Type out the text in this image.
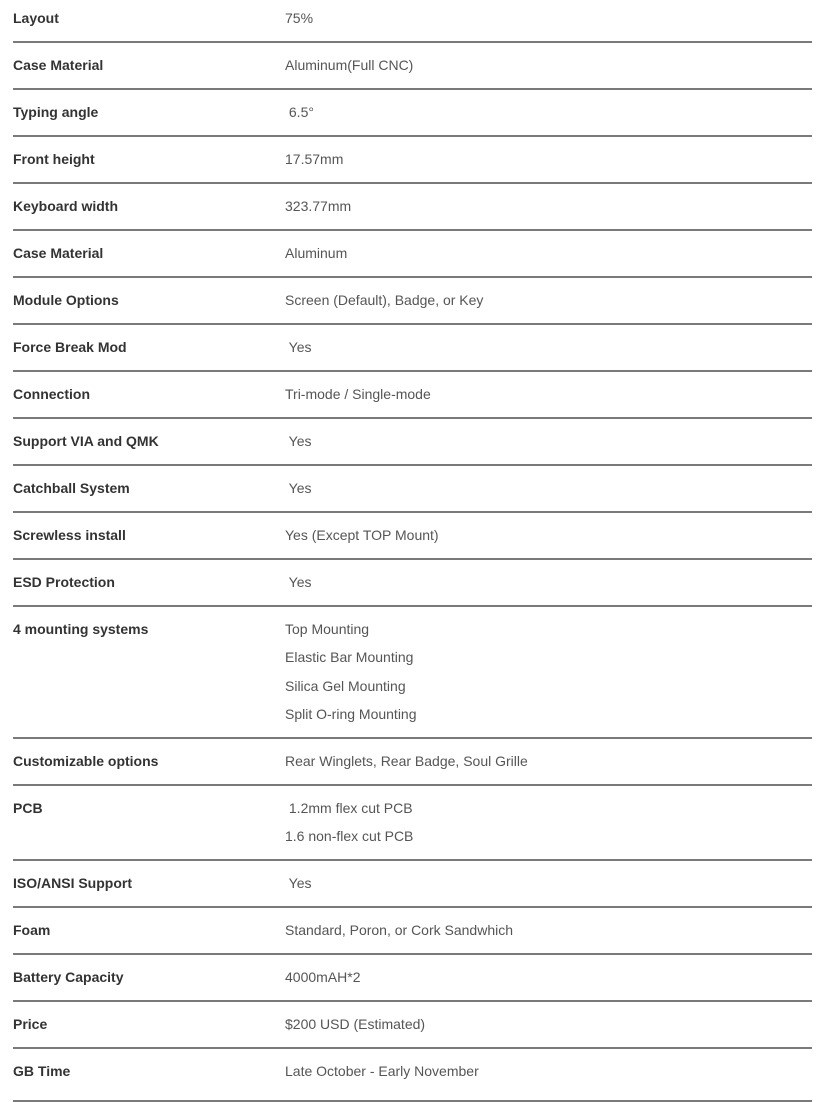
Layout	75%
Case Material	Aluminum(Full CNC)
Typing angle	6.5°
Front height	17.57mm
Keyboard width	323.77mm
Case Material	Aluminum
Module Options	Screen (Default), Badge, or Key
Force Break Mod	Yes
Connection	Tri-mode / Single-mode
Support VIA and QMK	Yes
Catchball System	Yes
Screwless install	Yes (Except TOP Mount)
ESD Protection	Yes
4 mounting systems	Top Mounting
Elastic Bar Mounting
Silica Gel Mounting
Split O-ring Mounting
Customizable options	Rear Winglets, Rear Badge, Soul Grille
PCB	1.2mm flex cut PCB
1.6 non-flex cut PCB
ISO/ANSI Support	Yes
Foam	Standard, Poron, or Cork Sandwhich
Battery Capacity	4000mAH*2
Price	$200 USD (Estimated)
GB Time	Late October - Early November
